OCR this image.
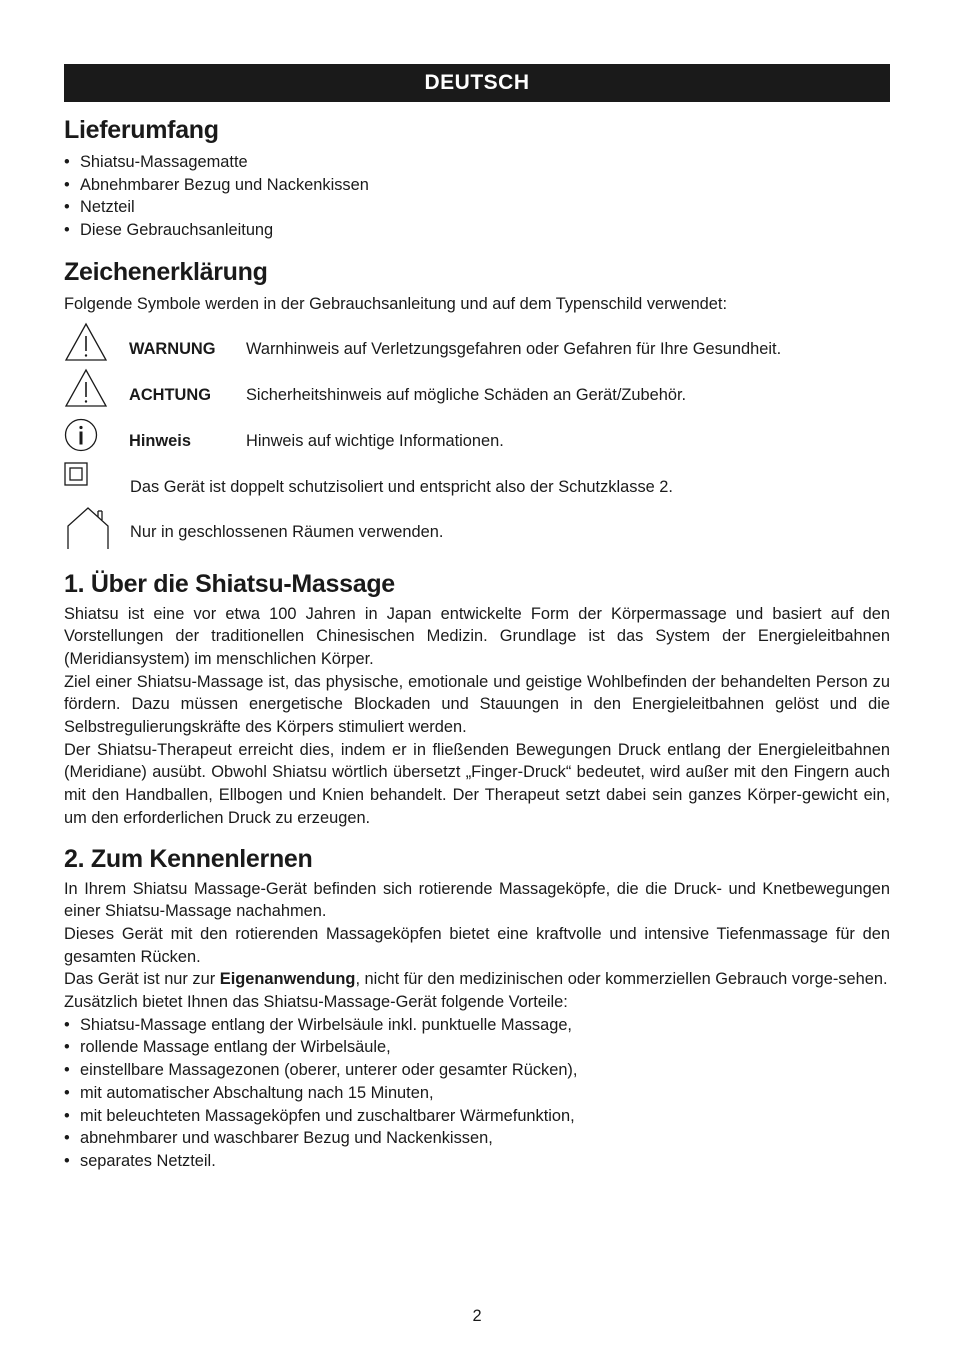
DEUTSCH
Lieferumfang
• Shiatsu-Massagematte
• Abnehmbarer Bezug und Nackenkissen
• Netzteil
• Diese Gebrauchsanleitung
Zeichenerklärung

Folgende Symbole werden in der Gebrauchsanleitung und auf dem Typenschild verwendet:

WARNUNG Warnhinweis auf Verletzungsgefahren oder Gefahren für Ihre Gesundheit.
ACHTUNG Sicherheitshinweis auf mögliche Schäden an Gerät/Zubehör.
Hinweis	Hinweis auf wichtige Informationen.
Das Gerät ist doppelt schutzisoliert und entspricht also der Schutzklasse 2.
Nur in geschlossenen Räumen verwenden.
1. Über die Shiatsu-Massage

Shiatsu ist eine vor etwa 100 Jahren in Japan entwickelte Form der Körpermassage und basiert auf den Vorstellungen der traditionellen Chinesischen Medizin. Grundlage ist das System der Energieleitbahnen (Meridiansystem) im menschlichen Körper.

Ziel einer Shiatsu-Massage ist, das physische, emotionale und geistige Wohlbefinden der behandelten Person zu fördern. Dazu müssen energetische Blockaden und Stauungen in den Energieleitbahnen gelöst und die Selbstregulierungskräfte des Körpers stimuliert werden.

Der Shiatsu-Therapeut erreicht dies, indem er in fließenden Bewegungen Druck entlang der Energieleitbahnen (Meridiane) ausübt. Obwohl Shiatsu wörtlich übersetzt „Finger-Druck“ bedeutet, wird außer mit den Fingern auch mit den Handballen, Ellbogen und Knien behandelt. Der Therapeut setzt dabei sein ganzes Körper-gewicht ein, um den erforderlichen Druck zu erzeugen.

2. Zum Kennenlernen

In Ihrem Shiatsu Massage-Gerät befinden sich rotierende Massageköpfe, die die Druck- und Knetbewegungen einer Shiatsu-Massage nachahmen.

Dieses Gerät mit den rotierenden Massageköpfen bietet eine kraftvolle und intensive Tiefenmassage für den gesamten Rücken.

Das Gerät ist nur zur Eigenanwendung, nicht für den medizinischen oder kommerziellen Gebrauch vorge-sehen.

Zusätzlich bietet Ihnen das Shiatsu-Massage-Gerät folgende Vorteile:

• Shiatsu-Massage entlang der Wirbelsäule inkl. punktuelle Massage,
• rollende Massage entlang der Wirbelsäule,
• einstellbare Massagezonen (oberer, unterer oder gesamter Rücken),
• mit automatischer Abschaltung nach 15 Minuten,
• mit beleuchteten Massageköpfen und zuschaltbarer Wärmefunktion,
• abnehmbarer und waschbarer Bezug und Nackenkissen,
• separates Netzteil.
2
